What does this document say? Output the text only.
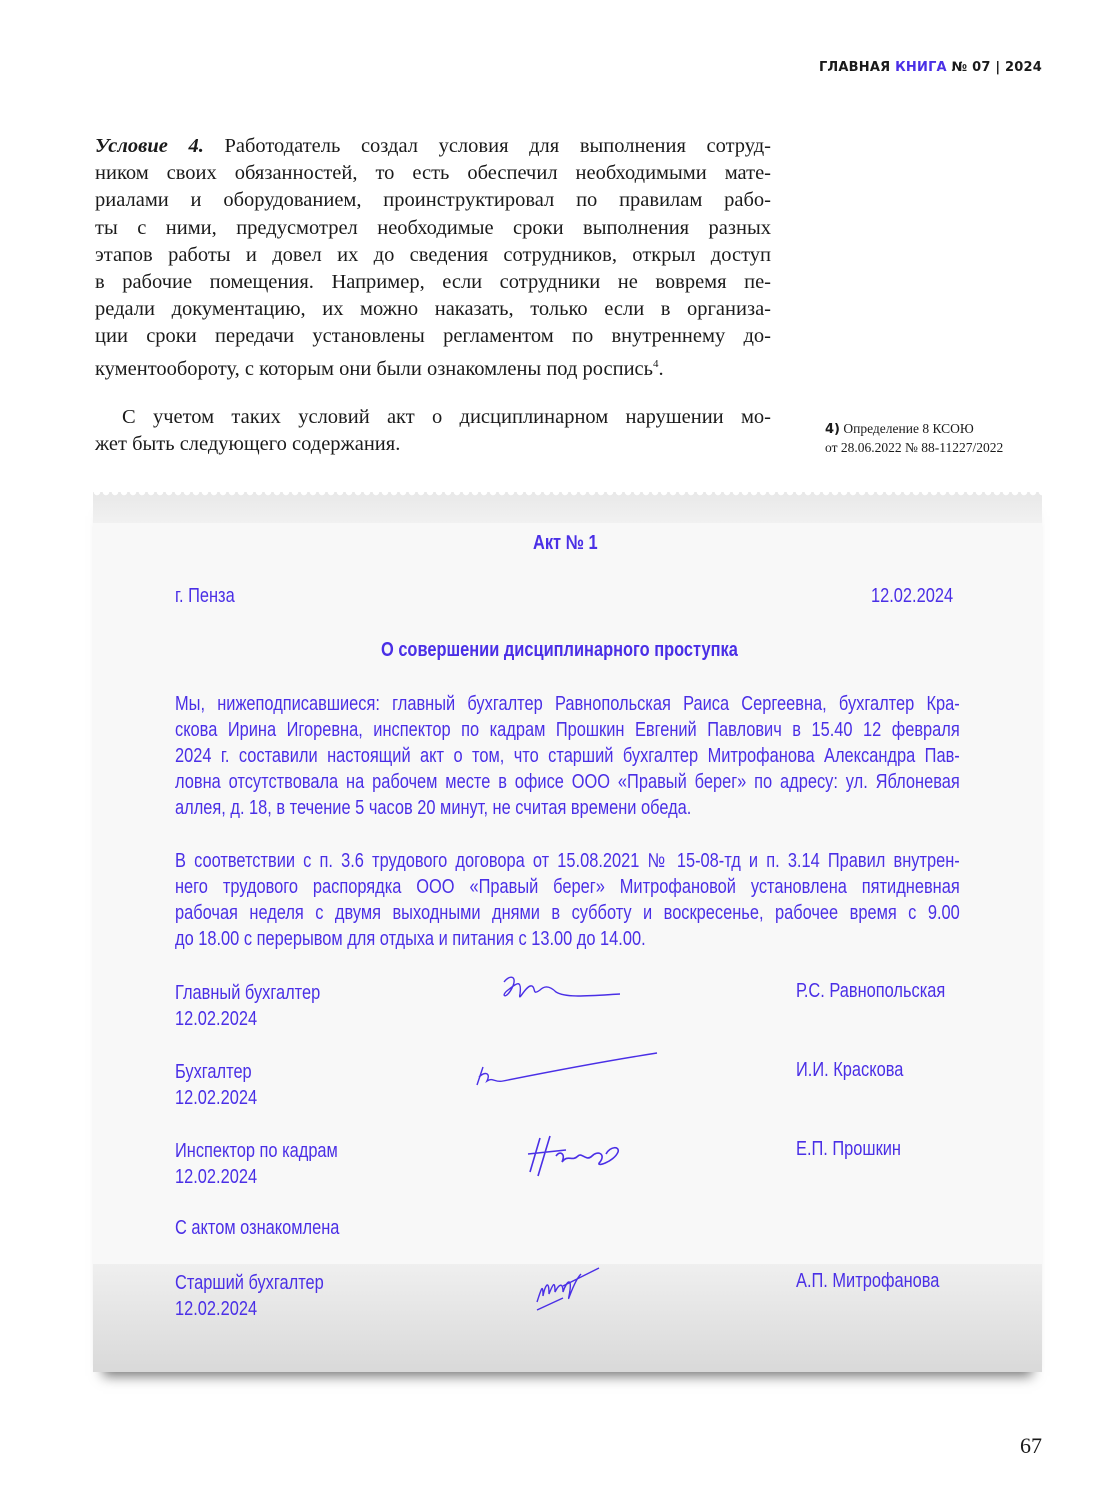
ГЛАВНАЯ КНИГА № 07 | 2024
Условие 4. Работодатель создал условия для выполнения сотруд-
ником своих обязанностей, то есть обеспечил необходимыми мате-
риалами и оборудованием, проинструктировал по правилам рабо-
ты с ними, предусмотрел необходимые сроки выполнения разных
этапов работы и довел их до сведения сотрудников, открыл доступ
в рабочие помещения. Например, если сотрудники не вовремя пе-
редали документацию, их можно наказать, только если в организа-
ции сроки передачи установлены регламентом по внутреннему до-
кументообороту, с которым они были ознакомлены под роспись$^4$.
С учетом таких условий акт о дисциплинарном нарушении мо-
жет быть следующего содержания.
4) Определение 8 КСОЮ
от 28.06.2022 № 88-11227/2022
Акт № 1
г. Пенза	12.02.2024
О совершении дисциплинарного проступка
Мы, нижеподписавшиеся: главный бухгалтер Равнопольская Раиса Сергеевна, бухгалтер Кра-
скова Ирина Игоревна, инспектор по кадрам Прошкин Евгений Павлович в 15.40 12 февраля
2024 г. составили настоящий акт о том, что старший бухгалтер Митрофанова Александра Пав-
ловна отсутствовала на рабочем месте в офисе ООО «Правый берег» по адресу: ул. Яблоневая
аллея, д. 18, в течение 5 часов 20 минут, не считая времени обеда.
В соответствии с п. 3.6 трудового договора от 15.08.2021 № 15-08-тд и п. 3.14 Правил внутрен-
него трудового распорядка ООО «Правый берег» Митрофановой установлена пятидневная
рабочая неделя с двумя выходными днями в субботу и воскресенье, рабочее время с 9.00
до 18.00 с перерывом для отдыха и питания с 13.00 до 14.00.
Главный бухгалтер
12.02.2024
Р.С. Равнопольская
Бухгалтер
12.02.2024
И.И. Краскова
Инспектор по кадрам
12.02.2024
Е.П. Прошкин
С актом ознакомлена
Старший бухгалтер
12.02.2024
А.П. Митрофанова
67
